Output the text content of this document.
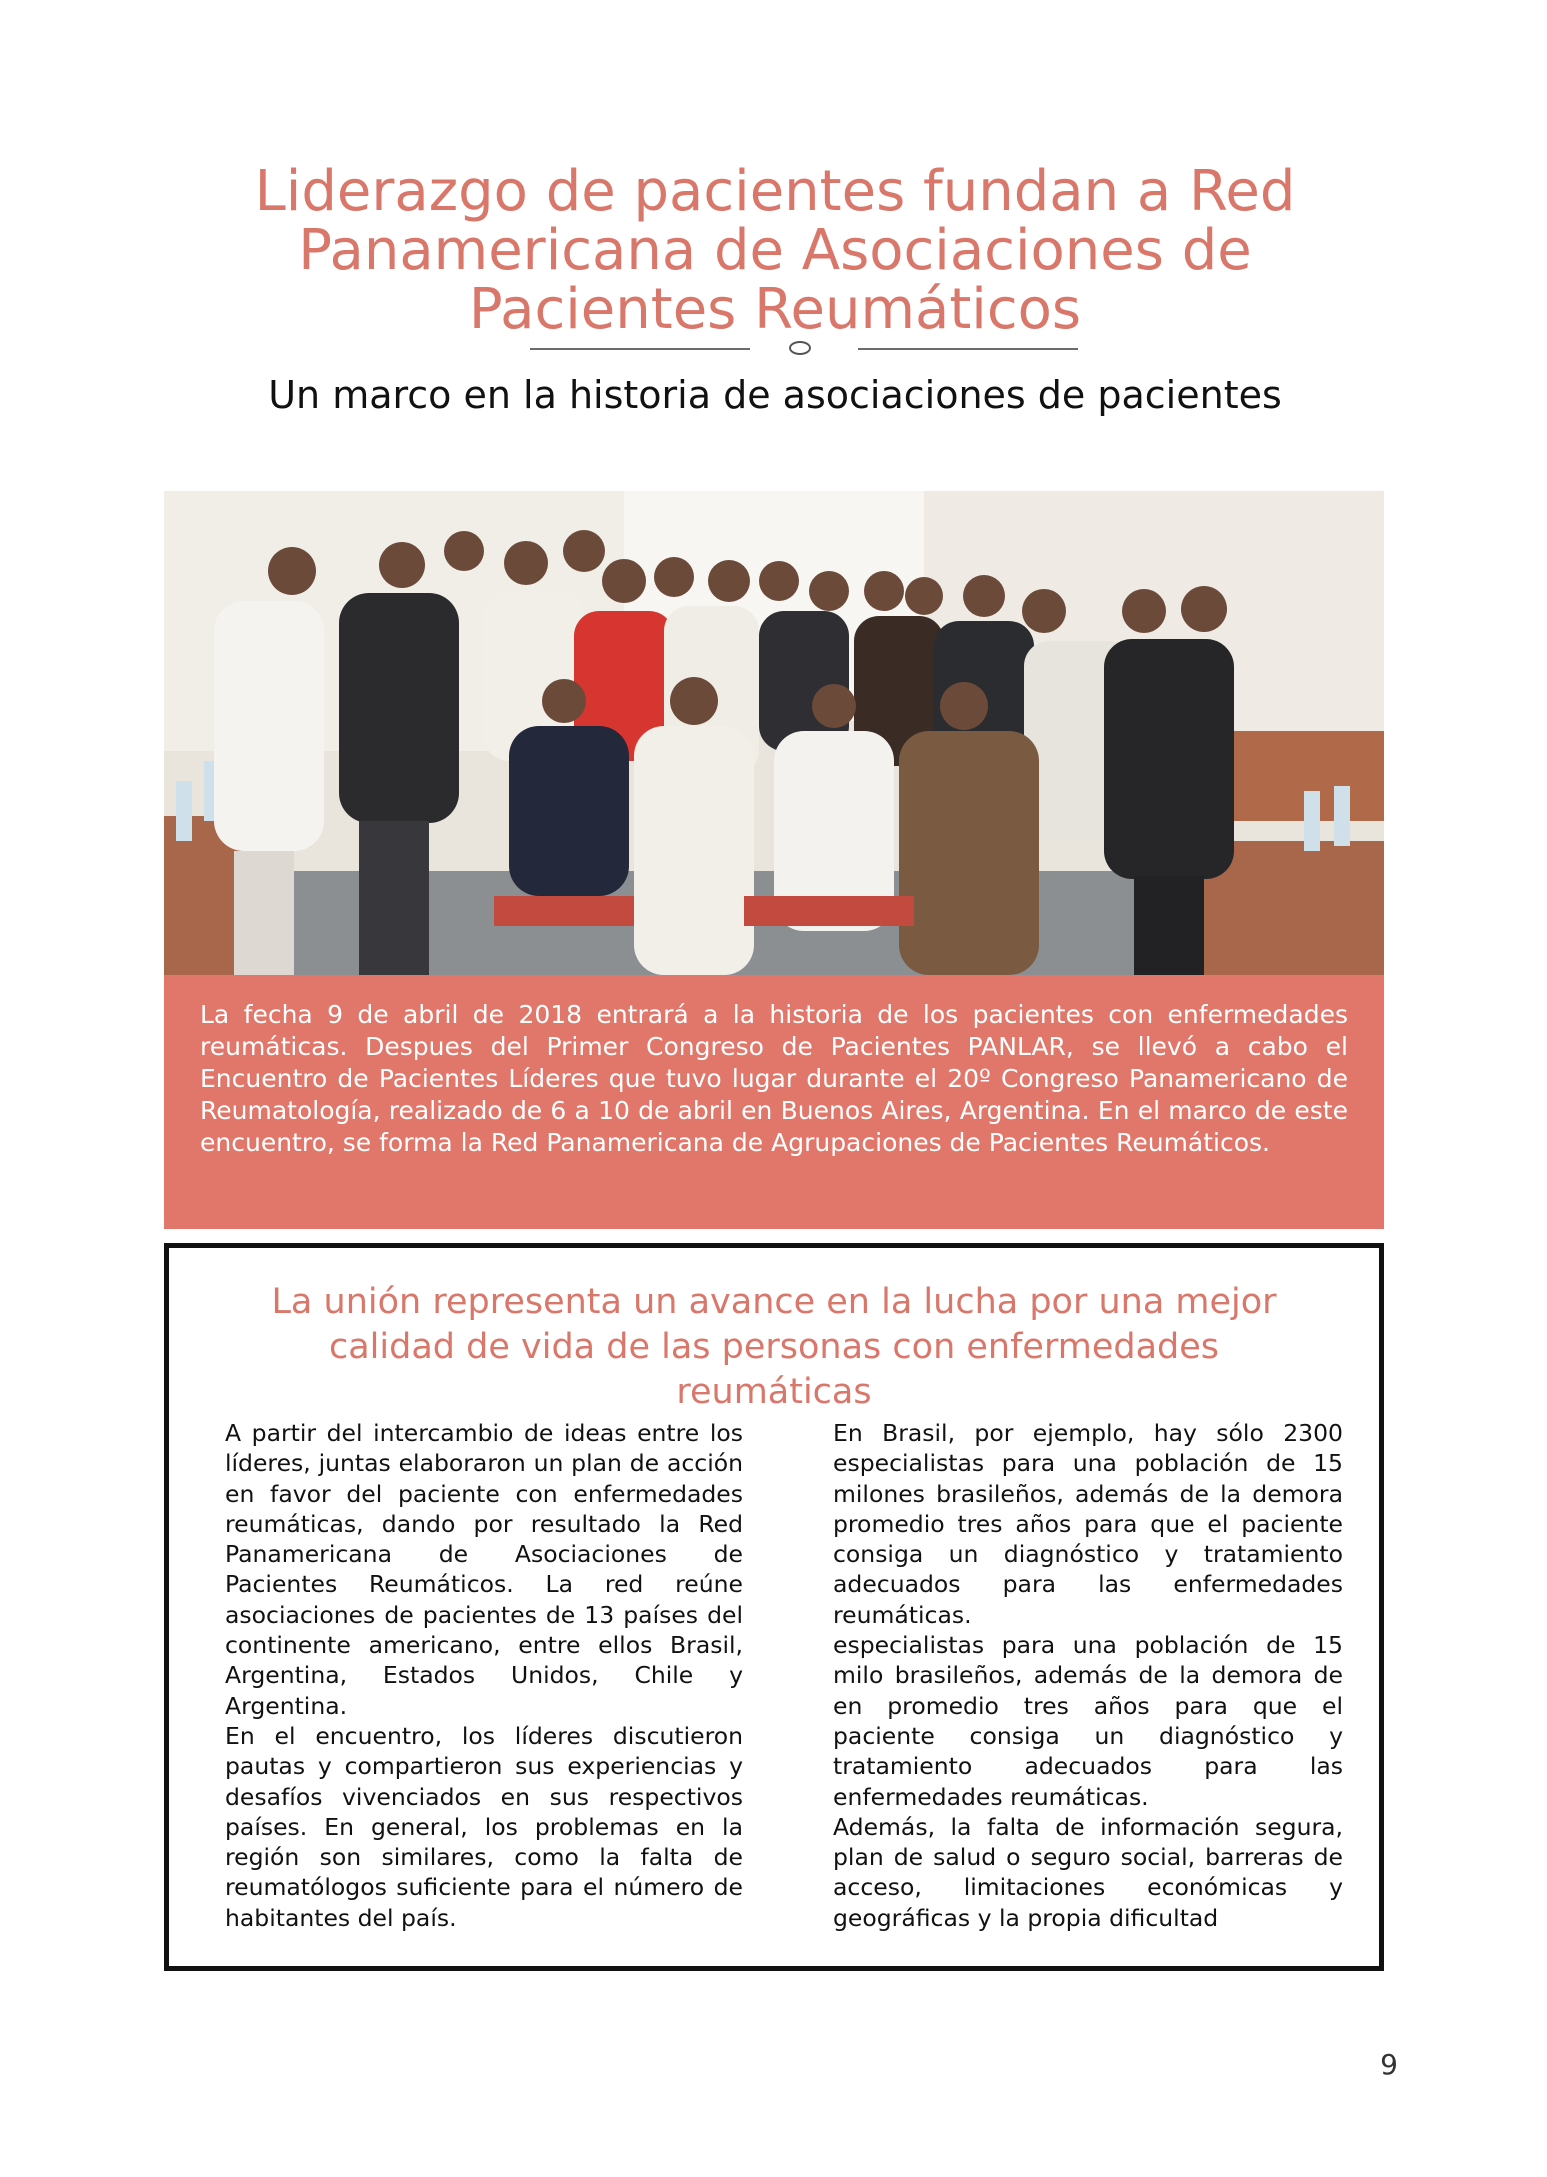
Liderazgo de pacientes fundan a Red Panamericana de Asociaciones de Pacientes Reumáticos
Un marco en la historia de asociaciones de pacientes
La fecha 9 de abril de 2018 entrará a la historia de los pacientes con enfermedades reumáticas. Despues del Primer Congreso de Pacientes PANLAR, se llevó a cabo el Encuentro de Pacientes Líderes que tuvo lugar durante el 20º Congreso Panamericano de Reumatología, realizado de 6 a 10 de abril en Buenos Aires, Argentina. En el marco de este encuentro, se forma la Red Panamericana de Agrupaciones de Pacientes Reumáticos.
La unión representa un avance en la lucha por una mejor calidad de vida de las personas con enfermedades reumáticas

A partir del intercambio de ideas entre los líderes, juntas elaboraron un plan de acción en favor del paciente con enfermedades reumáticas, dando por resultado la Red Panamericana de Asociaciones de Pacientes Reumáticos. La red reúne asociaciones de pacientes de 13 países del continente americano, entre ellos Brasil, Argentina, Estados Unidos, Chile y Argentina.

En el encuentro, los líderes discutieron pautas y compartieron sus experiencias y desafíos vivenciados en sus respectivos países. En general, los problemas en la región son similares, como la falta de reumatólogos suficiente para el número de habitantes del país.

En Brasil, por ejemplo, hay sólo 2300 especialistas para una población de 15 milones brasileños, además de la demora promedio tres años para que el paciente consiga un diagnóstico y tratamiento adecuados para las enfermedades reumáticas.

especialistas para una población de 15 milo brasileños, además de la demora de en promedio tres años para que el paciente consiga un diagnóstico y tratamiento adecuados para las enfermedades reumáticas.

Además, la falta de información segura, plan de salud o seguro social, barreras de acceso, limitaciones económicas y geográficas y la propia dificultad

9
